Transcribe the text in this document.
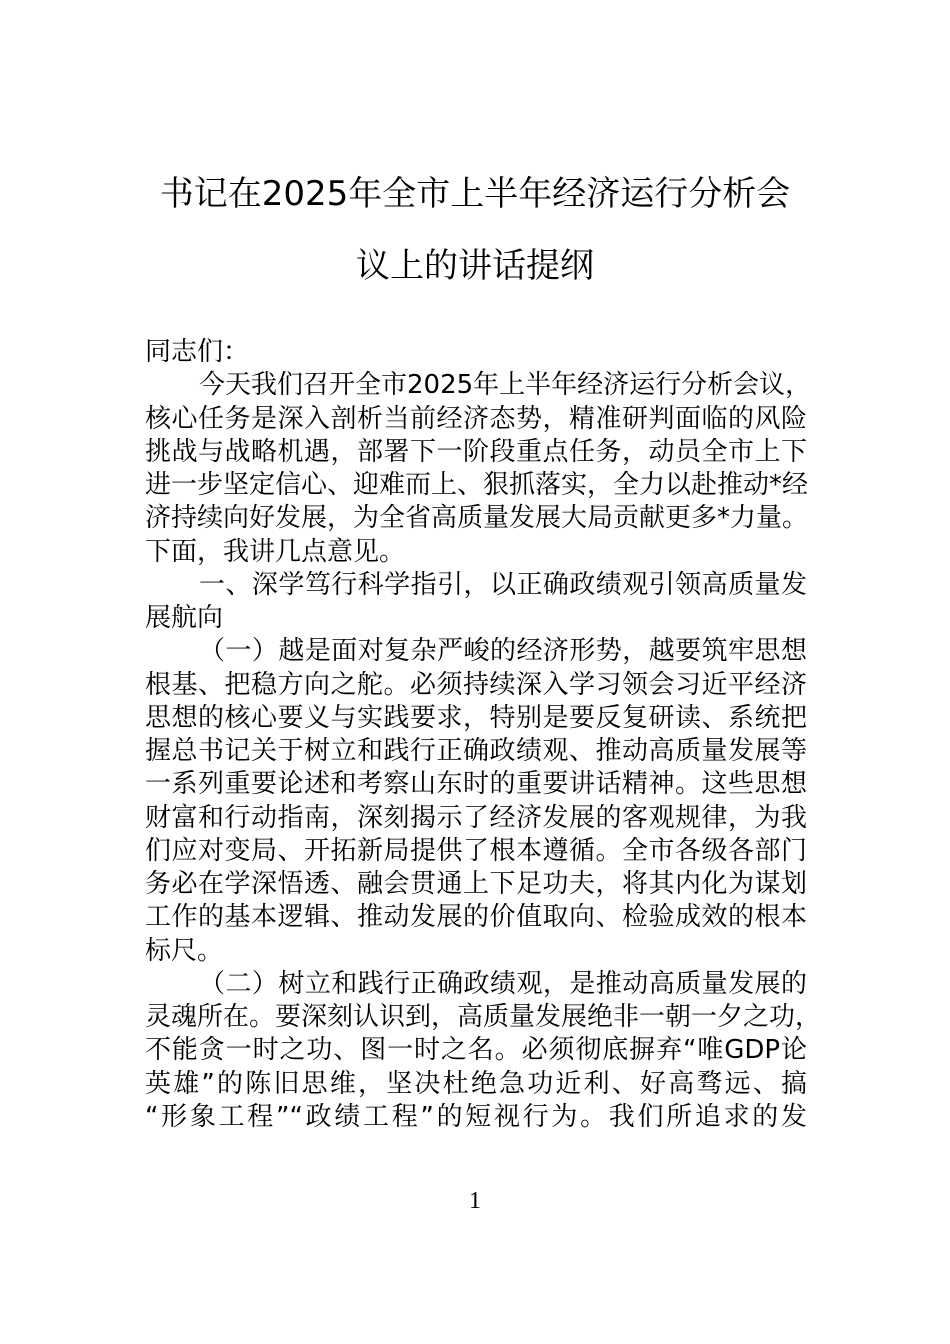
书记在2025年全市上半年经济运行分析会
议上的讲话提纲
同志们：
今天我们召开全市2025年上半年经济运行分析会议，
核心任务是深入剖析当前经济态势，精准研判面临的风险
挑战与战略机遇，部署下一阶段重点任务，动员全市上下
进一步坚定信心、迎难而上、狠抓落实，全力以赴推动*经
济持续向好发展，为全省高质量发展大局贡献更多*力量。
下面，我讲几点意见。
一、深学笃行科学指引，以正确政绩观引领高质量发
展航向
（一）越是面对复杂严峻的经济形势，越要筑牢思想
根基、把稳方向之舵。必须持续深入学习领会习近平经济
思想的核心要义与实践要求，特别是要反复研读、系统把
握总书记关于树立和践行正确政绩观、推动高质量发展等
一系列重要论述和考察山东时的重要讲话精神。这些思想
财富和行动指南，深刻揭示了经济发展的客观规律，为我
们应对变局、开拓新局提供了根本遵循。全市各级各部门
务必在学深悟透、融会贯通上下足功夫，将其内化为谋划
工作的基本逻辑、推动发展的价值取向、检验成效的根本
标尺。
（二）树立和践行正确政绩观，是推动高质量发展的
灵魂所在。要深刻认识到，高质量发展绝非一朝一夕之功，
不能贪一时之功、图一时之名。必须彻底摒弃“唯GDP论
英雄”的陈旧思维，坚决杜绝急功近利、好高骛远、搞
“形象工程”“政绩工程”的短视行为。我们所追求的发
1
